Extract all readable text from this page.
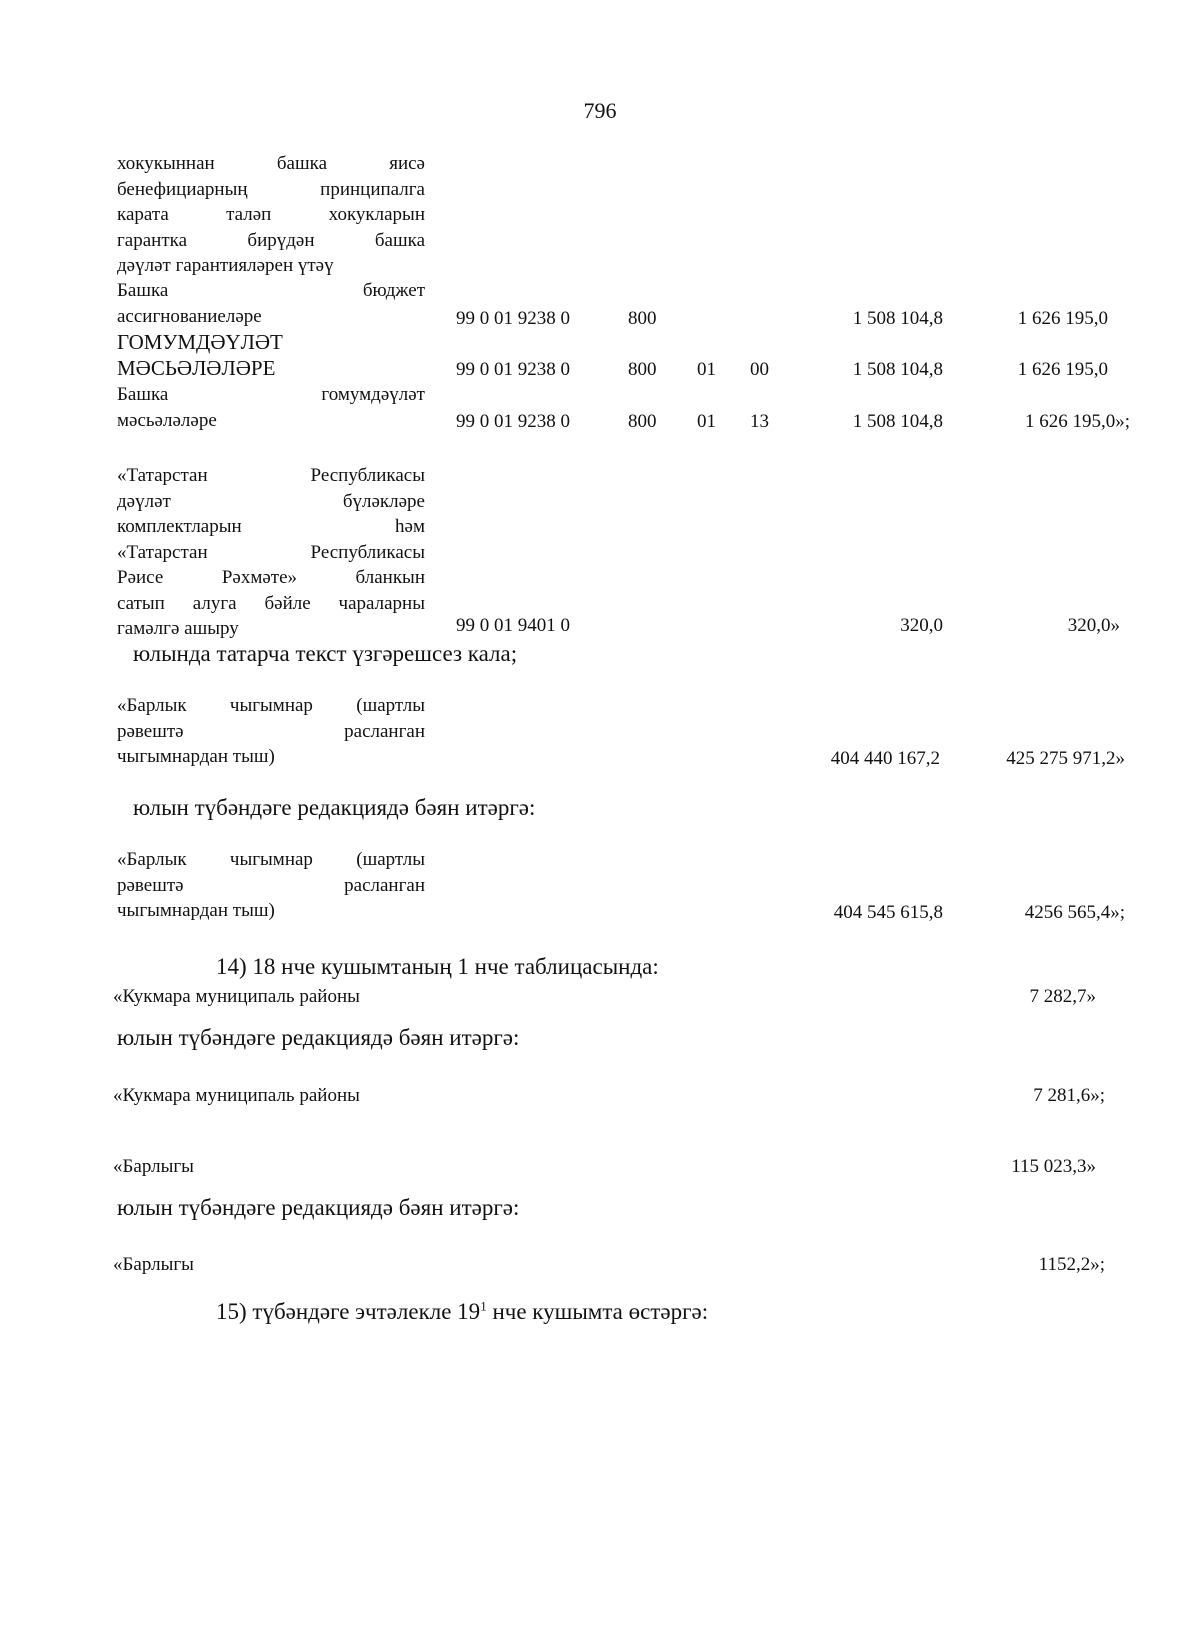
796
хокукыннан башка яисә
бенефициарның принципалга
карата таләп хокукларын
гарантка бирүдән башка
дәүләт гарантияләрен үтәү
Башка бюджет
ассигнованиеләре	99 0 01 9238 0	800	1 508 104,8	1 626 195,0
ГОМУМДӘҮЛӘТ
МӘСЬӘЛӘЛӘРЕ	99 0 01 9238 0	800 01 00	1 508 104,8	1 626 195,0
Башка гомумдәүләт
мәсьәләләре	99 0 01 9238 0	800 01 13	1 508 104,8	1 626 195,0»;
«Татарстан Республикасы
дәүләт бүләкләре
комплектларын һәм
«Татарстан Республикасы
Рәисе Рәхмәте» бланкын
сатып алуга бәйле чараларны
гамәлгә ашыру	99 0 01 9401 0	320,0	320,0»
юлында татарча текст үзгәрешсез кала;
«Барлык чыгымнар (шартлы
рәвештә расланган
чыгымнардан тыш)	404 440 167,2	425 275 971,2»
юлын түбәндәге редакциядә бәян итәргә:
«Барлык чыгымнар (шартлы
рәвештә расланган
чыгымнардан тыш)	404 545 615,8	4256 565,4»;
14) 18 нче кушымтаның 1 нче таблицасында:
«Кукмара муниципаль районы	7 282,7»
юлын түбәндәге редакциядә бәян итәргә:
«Кукмара муниципаль районы	7 281,6»;
«Барлыгы	115 023,3»
юлын түбәндәге редакциядә бәян итәргә:
«Барлыгы	1152,2»;
15) түбәндәге эчтәлекле $19^1$ нче кушымта өстәргә:
